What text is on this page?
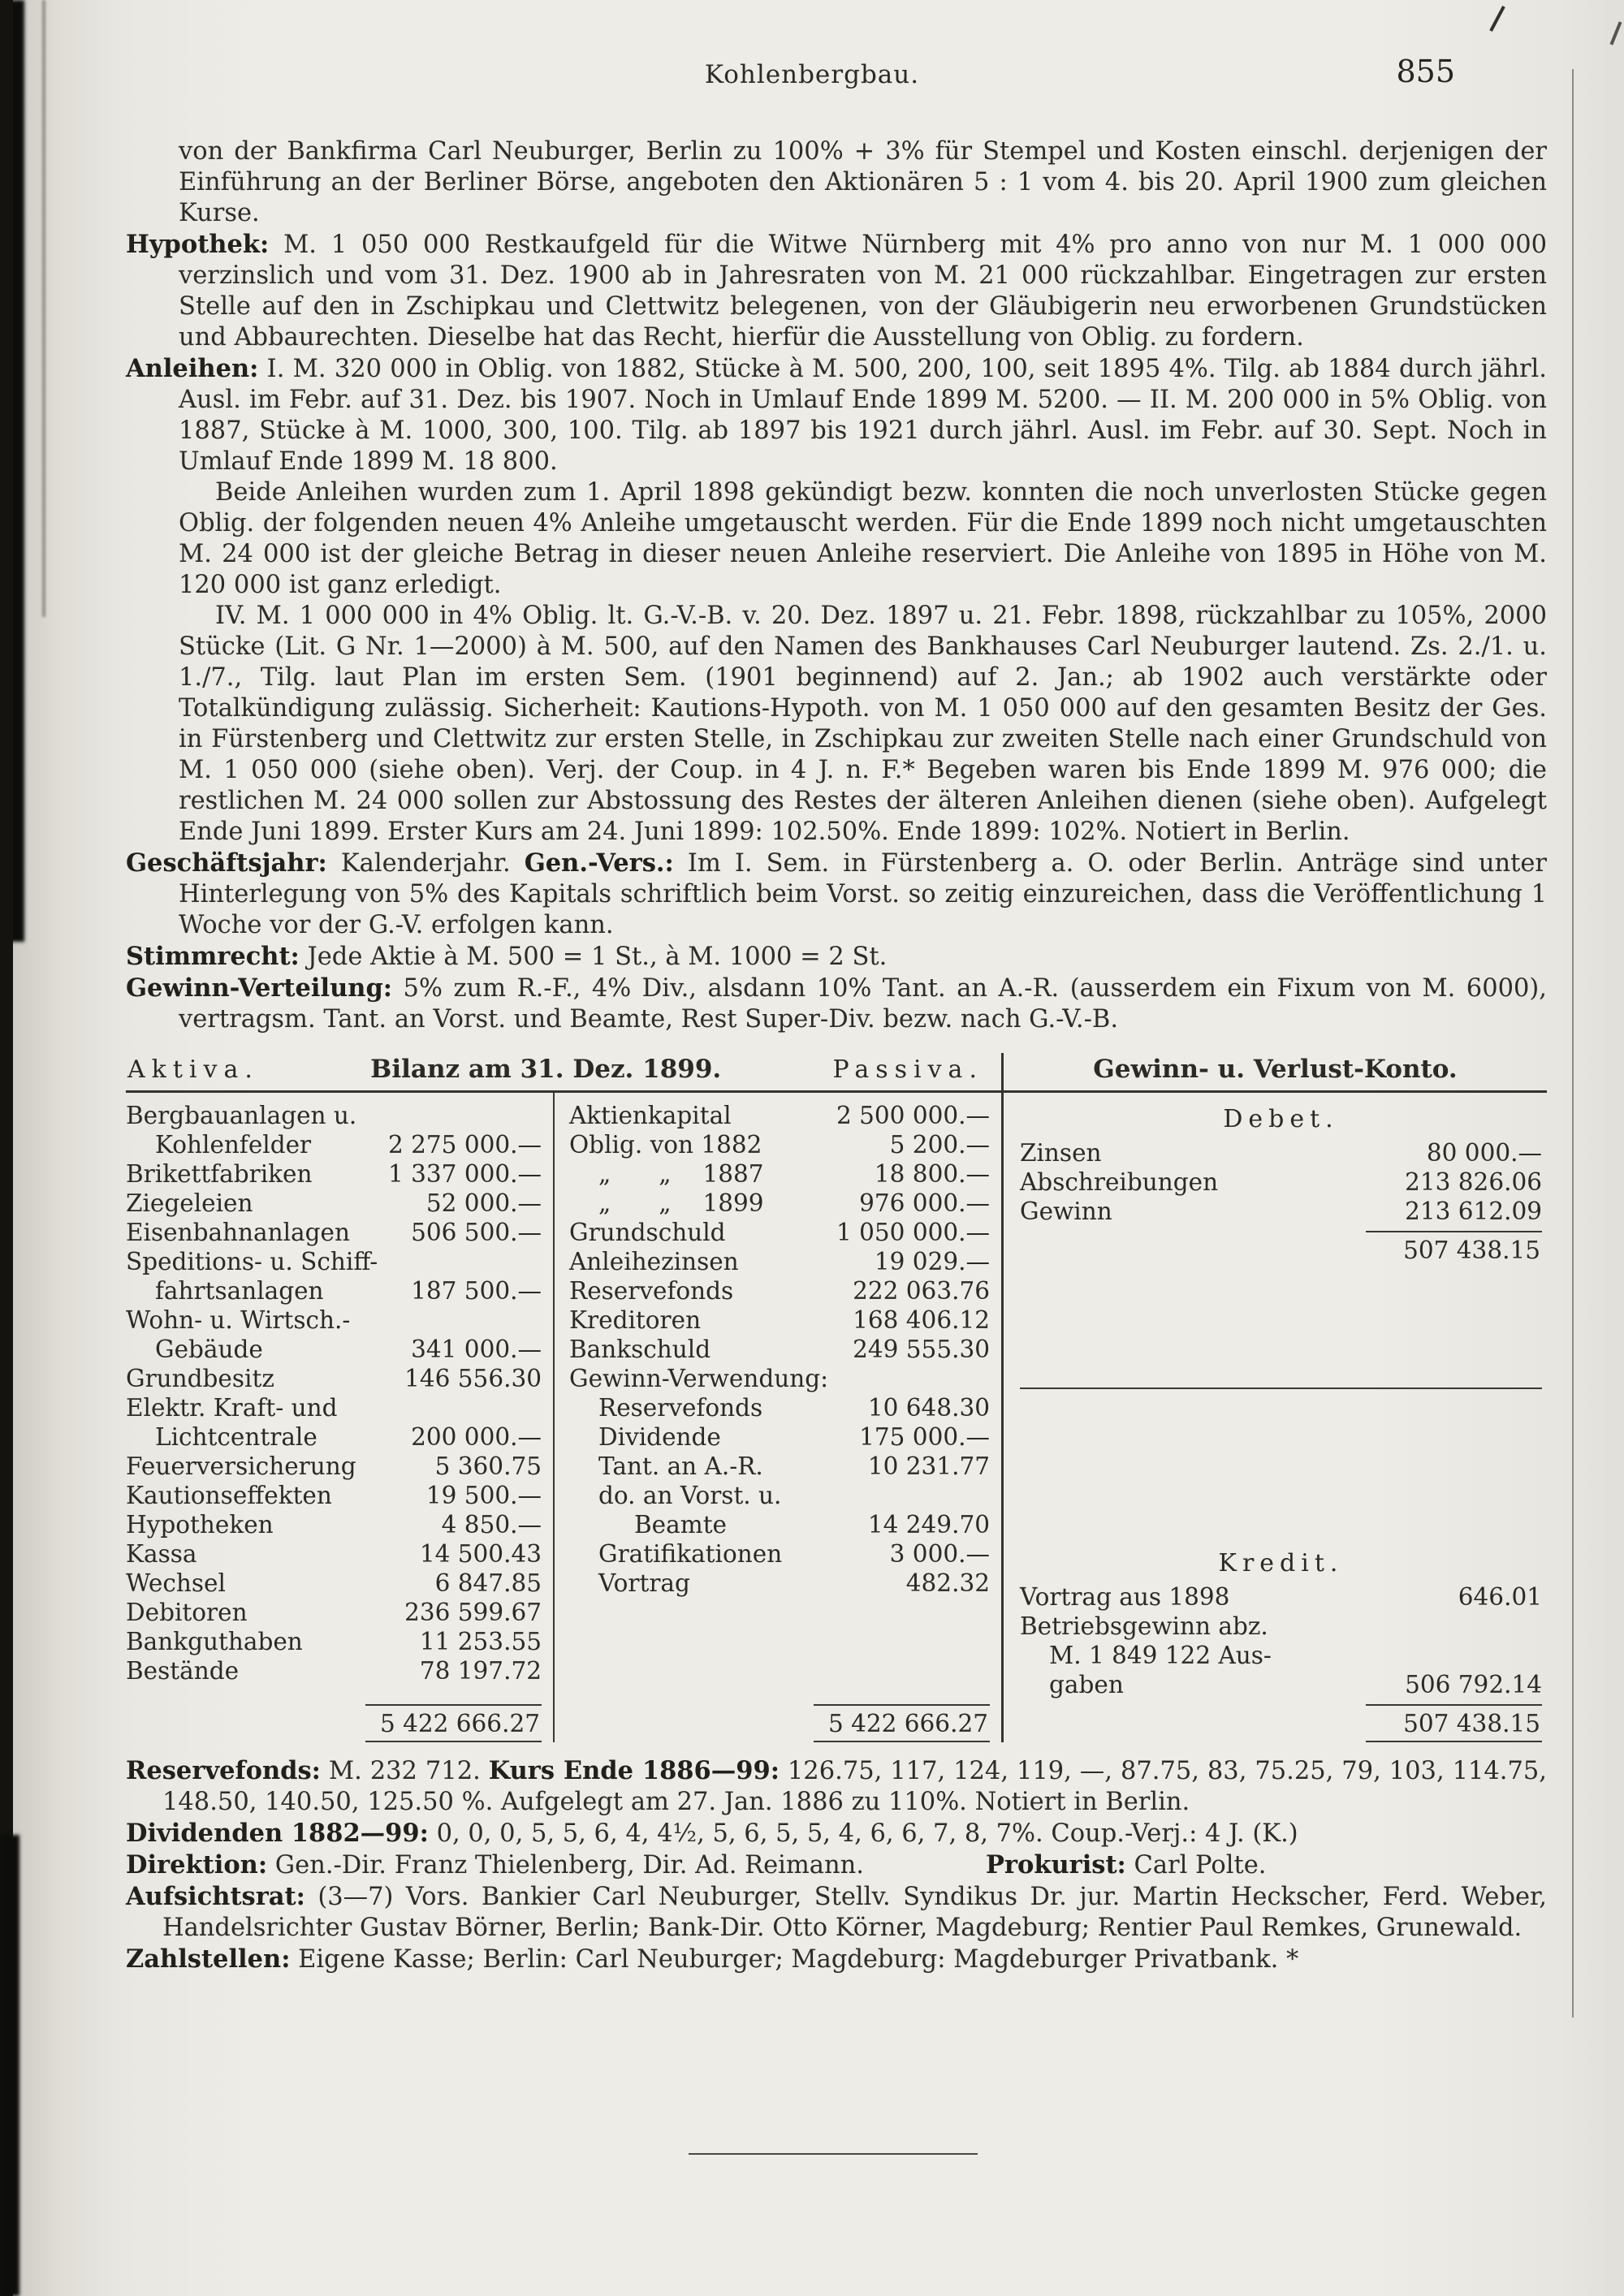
Kohlenbergbau.	855

von der Bankfirma Carl Neuburger, Berlin zu 100% + 3% für Stempel und Kosten einschl. derjenigen der Einführung an der Berliner Börse, angeboten den Aktionären 5 : 1 vom 4. bis 20. April 1900 zum gleichen Kurse.

Hypothek: M. 1 050 000 Restkaufgeld für die Witwe Nürnberg mit 4% pro anno von nur M. 1 000 000 verzinslich und vom 31. Dez. 1900 ab in Jahresraten von M. 21 000 rückzahlbar. Eingetragen zur ersten Stelle auf den in Zschipkau und Clettwitz belegenen, von der Gläubigerin neu erworbenen Grundstücken und Abbaurechten. Dieselbe hat das Recht, hierfür die Ausstellung von Oblig. zu fordern.

Anleihen: I. M. 320 000 in Oblig. von 1882, Stücke à M. 500, 200, 100, seit 1895 4%. Tilg. ab 1884 durch jährl. Ausl. im Febr. auf 31. Dez. bis 1907. Noch in Umlauf Ende 1899 M. 5200. — II. M. 200 000 in 5% Oblig. von 1887, Stücke à M. 1000, 300, 100. Tilg. ab 1897 bis 1921 durch jährl. Ausl. im Febr. auf 30. Sept. Noch in Umlauf Ende 1899 M. 18 800.

Beide Anleihen wurden zum 1. April 1898 gekündigt bezw. konnten die noch unverlosten Stücke gegen Oblig. der folgenden neuen 4% Anleihe umgetauscht werden. Für die Ende 1899 noch nicht umgetauschten M. 24 000 ist der gleiche Betrag in dieser neuen Anleihe reserviert. Die Anleihe von 1895 in Höhe von M. 120 000 ist ganz erledigt.

IV. M. 1 000 000 in 4% Oblig. lt. G.-V.-B. v. 20. Dez. 1897 u. 21. Febr. 1898, rückzahlbar zu 105%, 2000 Stücke (Lit. G Nr. 1—2000) à M. 500, auf den Namen des Bankhauses Carl Neuburger lautend. Zs. 2./1. u. 1./7., Tilg. laut Plan im ersten Sem. (1901 beginnend) auf 2. Jan.; ab 1902 auch verstärkte oder Totalkündigung zulässig. Sicherheit: Kautions-Hypoth. von M. 1 050 000 auf den gesamten Besitz der Ges. in Fürstenberg und Clettwitz zur ersten Stelle, in Zschipkau zur zweiten Stelle nach einer Grundschuld von M. 1 050 000 (siehe oben). Verj. der Coup. in 4 J. n. F.* Begeben waren bis Ende 1899 M. 976 000; die restlichen M. 24 000 sollen zur Abstossung des Restes der älteren Anleihen dienen (siehe oben). Aufgelegt Ende Juni 1899. Erster Kurs am 24. Juni 1899: 102.50%. Ende 1899: 102%. Notiert in Berlin.

Geschäftsjahr: Kalenderjahr. Gen.-Vers.: Im I. Sem. in Fürstenberg a. O. oder Berlin. Anträge sind unter Hinterlegung von 5% des Kapitals schriftlich beim Vorst. so zeitig einzureichen, dass die Veröffentlichung 1 Woche vor der G.-V. erfolgen kann.

Stimmrecht: Jede Aktie à M. 500 = 1 St., à M. 1000 = 2 St.

Gewinn-Verteilung: 5% zum R.-F., 4% Div., alsdann 10% Tant. an A.-R. (ausserdem ein Fixum von M. 6000), vertragsm. Tant. an Vorst. und Beamte, Rest Super-Div. bezw. nach G.-V.-B.

Aktiva.	Bilanz am 31. Dez. 1899.	Passiva.	Gewinn- u. Verlust-Konto.
Bergbauanlagen u.
Kohlenfelder	2 275 000.—
Brikettfabriken	1 337 000.—
Ziegeleien	52 000.—
Eisenbahnanlagen	506 500.—
Speditions- u. Schiff-
fahrtsanlagen	187 500.—
Wohn- u. Wirtsch.-
Gebäude	341 000.—
Grundbesitz	146 556.30
Elektr. Kraft- und
Lichtcentrale	200 000.—
Feuerversicherung	5 360.75
Kautionseffekten	19 500.—
Hypotheken	4 850.—
Kassa	14 500.43
Wechsel	6 847.85
Debitoren	236 599.67
Bankguthaben	11 253.55
Bestände	78 197.72
5 422 666.27
Aktienkapital	2 500 000.—
Oblig. von 1882	5 200.—
„  „  1887	18 800.—
„  „  1899	976 000.—
Grundschuld	1 050 000.—
Anleihezinsen	19 029.—
Reservefonds	222 063.76
Kreditoren	168 406.12
Bankschuld	249 555.30
Gewinn-Verwendung:
Reservefonds	10 648.30
Dividende	175 000.—
Tant. an A.-R.	10 231.77
do. an Vorst. u.
Beamte	14 249.70
Gratifikationen	3 000.—
Vortrag	482.32
5 422 666.27
Debet.
Zinsen	80 000.—
Abschreibungen	213 826.06
Gewinn	213 612.09
507 438.15
Kredit.
Vortrag aus 1898	646.01
Betriebsgewinn abz.
M. 1 849 122 Aus-
gaben	506 792.14
507 438.15

Reservefonds: M. 232 712. Kurs Ende 1886—99: 126.75, 117, 124, 119, —, 87.75, 83, 75.25, 79, 103, 114.75, 148.50, 140.50, 125.50 %. Aufgelegt am 27. Jan. 1886 zu 110%. Notiert in Berlin.

Dividenden 1882—99: 0, 0, 0, 5, 5, 6, 4, 4½, 5, 6, 5, 5, 4, 6, 6, 7, 8, 7%. Coup.-Verj.: 4 J. (K.)

Direktion: Gen.-Dir. Franz Thielenberg, Dir. Ad. Reimann.	Prokurist: Carl Polte.

Aufsichtsrat: (3—7) Vors. Bankier Carl Neuburger, Stellv. Syndikus Dr. jur. Martin Heckscher, Ferd. Weber, Handelsrichter Gustav Börner, Berlin; Bank-Dir. Otto Körner, Magdeburg; Rentier Paul Remkes, Grunewald.

Zahlstellen: Eigene Kasse; Berlin: Carl Neuburger; Magdeburg: Magdeburger Privatbank. *
